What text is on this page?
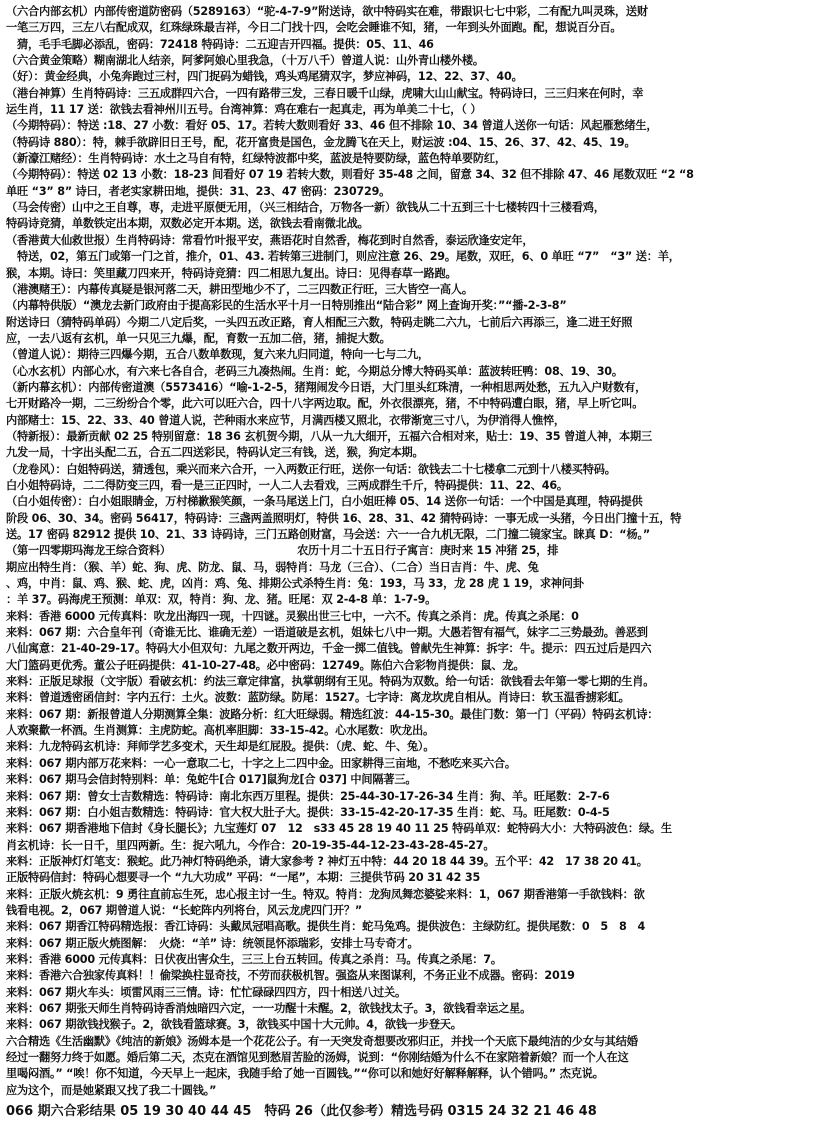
（六合内部玄机）内部传密道防密码（5289163）“驼-4-7-9”附送诗，欲中特码实在难，带跟识七七中彩，二有配九叫灵珠，送财
一笔三万四，三左八右配成双，红珠绿珠最吉祥，今日二门找十四，会吃会睡谁不知，猪，一年到头外面跑。配，想说百分百。
　猜，毛手毛脚必添乱，密码：72418 特码诗：二五迎吉开四福。提供：05、11、46
（六合黄金策略）糊南湖北人结亲，阿爹阿娘心里我急，（十万八千）曾道人说：山外青山楼外楼。
（好）：黄金经典，小兔奔跑过三村，四门捉码为蜡钱，鸡头鸡尾猜双字，梦应神码，12、22、37、40。
（港台神算）生肖特码诗：三五成群四六合，一四有路带三发，三春日暖千山绿，虎啸大山山献宝。特码诗曰，三三归来在何时，幸
运生肖，11 17 送：欲钱去看神州川五号。台湾神算：鸡在难右一起真走，再为单美二十七，（ ）
（今期特码）：特送 :18、27 小数：看好 05、17。若转大数则看好 33、46 但不排除 10、34 曾道人送你一句话：风起雁愁绪生，
（特码诗 880）：特，棘手欲辟旧日王号，配，花开富贵是国色，金龙腾飞在天上，财运波 :04、15、26、37、42、45、19。
（新濠江赌经）：生肖特码诗：水土之马自有特，红绿特波都中奖，蓝波是特要防绿，蓝色特单要防红，
（今期特码）：特送 02 13 小数：18-23 间看好 07 19 若转大数，则看好 35-48 之间，留意 34、32 但不排除 47、46 尾数双旺 “2 “8
单旺 “3” 8” 诗曰，者老实家耕田地，提供：31、23、47 密码：230729。
（马会传密）山中之王自尊，専，走进平原便无用，（兴三相结合，万物各一新）欲钱从二十五到三十七楼转四十三楼看鸡，
特码诗竞猜，单数铁定出本期，双数必定开本期。送，欲钱去看南微北战。
（香港黄大仙救世报）生肖特码诗：常看竹叶报平安，燕语花时自然香，梅花到时自然香，泰运欣逢安定年，
　特送，02，第五门或第一门之首，推介，01、43. 若转第三进制门，则应注意 26、29。尾数，双旺，6、0 单旺 “7”　“3” 送：羊，
猴，本期。诗曰：笑里藏刀四来开，特码诗竞猜：四二相思九复出。诗曰：见得春草一路跑。
（港澳赌王）：内幕传真疑是银河落二天，耕田型地少不了，二三四数正行旺，三大皆空一高人。
（内幕特供版）“澳龙去新门政府由于提高彩民的生活水平十月一日特別推出“陆合彩” 网上查询开奖：”“播-2-3-8”
附送诗曰（猜特码单码）今期二八定后奖，一头四五改正路，育人相配三六数，特码走眺二六九，七前后六再添三，逢二进王好照
应，一去八返有玄机，单一只见三九爆，配，育数一五加二倍，猪，捕捉大数。
（曾道人说）：期待三四爆今期，五合八数单数现，复六来九归同道，特向一七与二九，
（心水玄机）内部心水，有六来七各自合，老码三九凑热闹。生肖：蛇，今期总分博大特码买单：蓝波转旺鸭：08、19、30。
（新内幕玄机）：内部传密道澳（5573416）“喻-1-2-5，猪翔闹发今日语，大门里头红珠清，一种相思两处愁，五九入户财数有，
七开财路冷一期，二三纷纷合个零，此六可以旺六合，四十八字两边取。配，外衣很漂亮，猪，不中特码遭白眼，猪，早上听它叫。
内部赌士：15、22、33、40 曾道人说，芒种雨水来应节，月满西楼又照北，衣带渐宽三寸八，为伊消得人憔悴，
（特新报）：最新贡献 02 25 特别留意：18 36 玄机贺今期，八从一九大细开，五福六合相对来，贴士：19、35 曾道人神，本期三
九发一局，十字出头配二五，合五二四送彩民，特码认定三有钱，送，猴，狗定本期。
（龙卷风）：白姐特码送，猜透包，乘兴而来六合开，一入两数正行旺，送你一句话：欲钱去二十七楼拿二元到十八楼买特码。
白小姐特码诗，二二得防变三四，看一是三正四时，一人二人去看戏，三两成群生千斤，特码提供：11、22、46。
（白小姐传密）：白小姐眼睛金，万村梯歉猴笑颜，一条马尾送上门，白小姐旺棒 05、14 送你一句话：一个中国是真理，特码提供
阶段 06、30、34。密码 56417，特码诗：三盏两盖照明灯，特供 16、28、31、42 猜特码诗：一事无成一头猪，今日出门撞十五，特
送。17 密码 82912 提供 10、21、33 诗码诗，三门五路创财富，马会送：六一一合九机无限，二门撞二镜家宝。睐真 D：“杨。”
（第一四零期玛海龙王综合资料）　　　　　　　　　　　　农历十月二十五日行子寓言：庚时来 15 冲猪 25，排
期应出特生肖：（猴、羊）蛇、狗、虎、防龙、鼠、马，弱特肖：马龙（三合）、（二合）当日吉肖：牛、虎、兔
、鸡，中肖：鼠、鸡、猴、蛇、虎，凶肖：鸡、兔、排期公式杀特生肖：兔：193，马 33，龙 28 虎 1 19，求神问卦
：羊 37。码海虎王预测：单双：双，特肖：狗、龙、猪。旺尾：双 2-4-8 单：1-7-9。
来料：香港 6000 元传真料：吹龙出海四一现，十四谜。灵猴出世三七中，一六不。传真之杀肖：虎。传真之杀尾：0
来料：067 期：六合皇年刊（奇谁无比、谁确无差）一语道破是玄机，姐妹七八中一期。大愚若智有福气，妹字二三势最劲。善恶到
八仙寓意：21-40-29-17。特码大小但双句：九尾之数开两边，千金一掷二值钱。曾献先生神算：拆字：牛。提示：四五过后是四六
大门篮码更优秀。董公子旺码提供：41-10-27-48。必中密码：12749。陈伯六合彩物肖提供：鼠、龙。
来料：正版足球报（文宇版）看破玄机：约法三章定律富，执掌朝纲有王见。特码为双数。给一句话：欲钱看去年第一零七期的生肖。
来料：曾道透密函信封：字内五行：土火。波数：蓝防绿。防尾：1527。七字诗：离龙坎虎自相从。肖诗曰：软玉温香掳彩虹。
来料：067 期：新报曾道人分期测算全集：波路分析：红大旺绿弱。精选红波：44-15-30。最佳门数：第一门（平码）特码玄机诗：
人欢聚歡一杯酒。生肖测算：主虎防蛇。高机率胆脚：33-15-42。心水尾数：吹龙出。
来料：九龙特码玄机诗：拜师学艺多变术，天生却是红屁股。提供：（虎、蛇、牛、兔）。
来料：067 期内部万花来料：一心一意取二七，十字之上二四中金。田家耕得三亩地，不愁吃来买六合。
来料：067 期马会信封特别料：单：兔蛇牛[合 017]鼠狗龙[合 037] 中间隔著三。
来料：067 期：曾女士吉数精选：特码诗：南北东西万里程。提供：25-44-30-17-26-34 生肖：狗、羊。旺尾数：2-7-6
来料：067 期：白小姐吉数精选：特码诗：官大权大肚子大。提供：33-15-42-20-17-35 生肖：蛇、马。旺尾数：0-4-5
来料：067 期香港地下信封《身长腿长》；九宝莲灯 07　12　s33 45 28 19 40 11 25 特码单双：蛇特码大小：大特码波色：绿。生
肖玄机诗：长一日千，里四两新。生：捉六吼九，今作合：20-19-35-44-12-23-43-28-45-27。
来料：正版神灯灯笔支：猴蛇。此乃神灯特码绝杀，请大家参考 ? 神灯五中特：44 20 18 44 39。五个平：42　17 38 20 41。
正版特码信封：特码心想要寻一个 “九大功成” 平码：“一尾”，本期：三提供节码 20 31 42 35
来料：正版火焼玄机：9 勇往直前忘生死，忠心报主讨一生。特双。特肖：龙狗凤舞恋婆娑来料：1，067 期香港第一手欲钱料：欲
钱看电视。2，067 期曾道人说：“长蛇阵内列将台，风云龙虎四门开？”
来料：067 期香江特码精选报：香江诗码：头戴凤冠唱高歌。提供生肖：蛇马兔鸡。提供波色：主绿防红。提供尾数：0　5　8　4
来料：067 期正版火焼图解：　火烧：“羊” 诗：统领昆怀添瑞彩，安排士马专奇才。
来料：香港 6000 元传真料：日伏夜出害众生，三三上台五转回。传真之杀肖：马。传真之杀尾：7。
来料：香港六合独家传真料！！偷梁换柱显奇技，不劳而获极机智。强盗从来图谋利，不务正业不成器。密码：2019
来料：067 期火车头：顷雷风雨三三情。诗：忙忙碌碌四四方，四十相送八过关。
来料：067 期张天师生肖特码诗香消烛暗四六定，一一功醒十未醒。2，欲钱找太子。3，欲钱看幸运之星。
来料：067 期欲钱找猴子。2，欲钱看篮球赛。3，欲钱买中国十大元帅。4，欲钱一步登天。
六合精选《生活幽默》《纯洁的新娘》汤姆本是一个花花公子。有一天突发奇想要改邪归正，并找一个天底下最纯洁的少女与其结婚
经过一翻努力终于如愿。婚后第二天，杰克在酒馆见到愁眉苦脸的汤姆，说到：“你刚结婚为什么不在家陪着新娘？而一个人在这
里喝闷酒。” “唉！你不知道，今天早上一起床，我随手给了她一百圆钱。”“你可以和她好好解释解释，认个错吗。” 杰克说。
应为这个，而是她紧跟又找了我二十圆钱。”
066 期六合彩结果 05 19 30 40 44 45　特码 26（此仅参考）精选号码 0315 24 32 21 46 48
